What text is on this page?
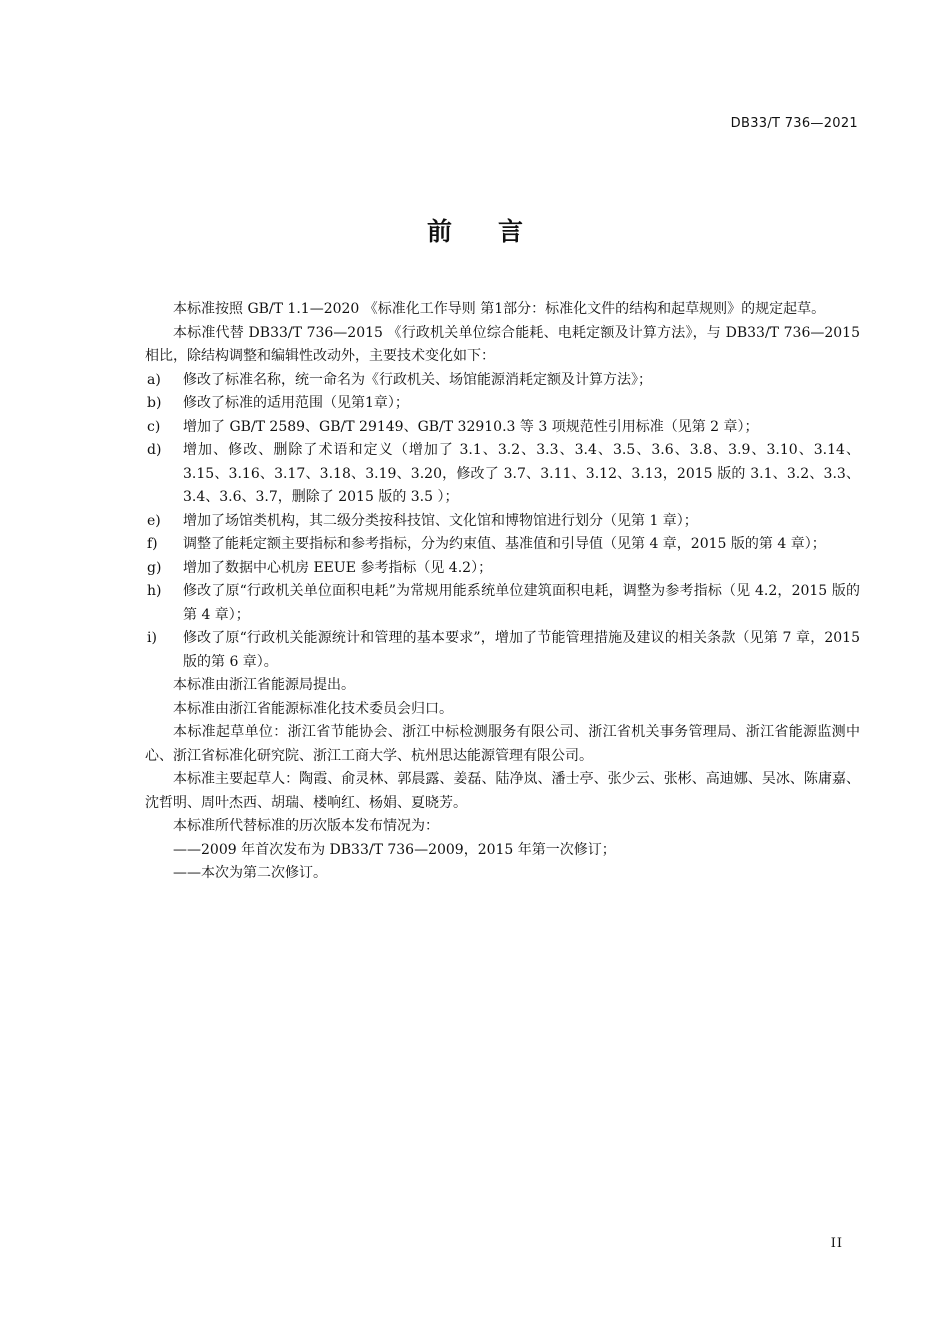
DB33/T 736—2021
前言

本标准按照 GB/T 1.1—2020 《标准化工作导则 第1部分：标准化文件的结构和起草规则》的规定起草。

本标准代替 DB33/T 736—2015 《行政机关单位综合能耗、电耗定额及计算方法》，与 DB33/T 736—2015 相比，除结构调整和编辑性改动外，主要技术变化如下：

a)	修改了标准名称，统一命名为《行政机关、场馆能源消耗定额及计算方法》；
b)	修改了标准的适用范围（见第1章）；
c)	增加了 GB/T 2589、GB/T 29149、GB/T 32910.3 等 3 项规范性引用标准（见第 2 章）；
d)	增加、修改、删除了术语和定义（增加了 3.1、3.2、3.3、3.4、3.5、3.6、3.8、3.9、3.10、3.14、3.15、3.16、3.17、3.18、3.19、3.20，修改了 3.7、3.11、3.12、3.13，2015 版的 3.1、3.2、3.3、3.4、3.6、3.7，删除了 2015 版的 3.5 ）；
e)	增加了场馆类机构，其二级分类按科技馆、文化馆和博物馆进行划分（见第 1 章）；
f)	调整了能耗定额主要指标和参考指标，分为约束值、基准值和引导值（见第 4 章，2015 版的第 4 章）；
g)	增加了数据中心机房 EEUE 参考指标（见 4.2）；
h)	修改了原“行政机关单位面积电耗”为常规用能系统单位建筑面积电耗，调整为参考指标（见 4.2，2015 版的第 4 章）；
i)	修改了原“行政机关能源统计和管理的基本要求”，增加了节能管理措施及建议的相关条款（见第 7 章，2015 版的第 6 章）。

本标准由浙江省能源局提出。

本标准由浙江省能源标准化技术委员会归口。

本标准起草单位：浙江省节能协会、浙江中标检测服务有限公司、浙江省机关事务管理局、浙江省能源监测中心、浙江省标准化研究院、浙江工商大学、杭州思达能源管理有限公司。

本标准主要起草人：陶霞、俞灵林、郭晨露、姜磊、陆净岚、潘士亭、张少云、张彬、高迪娜、吴冰、陈庸嘉、沈哲明、周叶杰西、胡瑞、楼响红、杨娟、夏晓芳。

本标准所代替标准的历次版本发布情况为：

——2009 年首次发布为 DB33/T 736—2009，2015 年第一次修订；

——本次为第二次修订。

II
